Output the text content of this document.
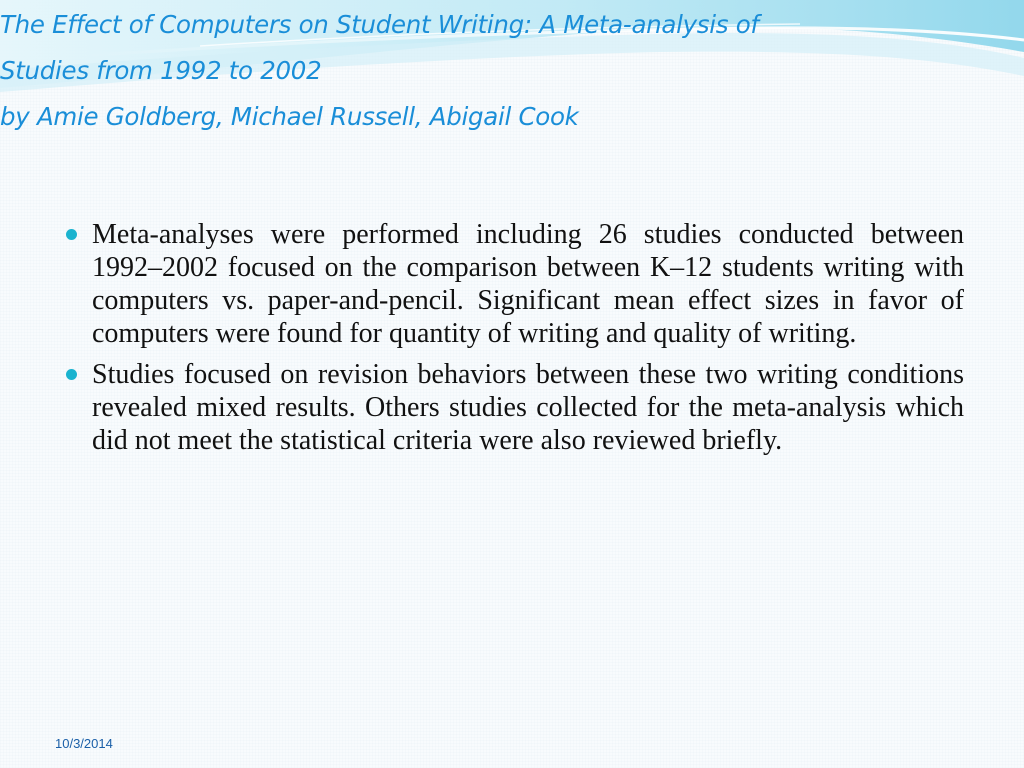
The Effect of Computers on Student Writing: A Meta-analysis of
Studies from 1992 to 2002
by Amie Goldberg, Michael Russell, Abigail Cook

Meta-analyses were performed including 26 studies conducted between 1992–2002 focused on the comparison between K–12 students writing with computers vs. paper-and-pencil. Significant mean effect sizes in favor of computers were found for quantity of writing and quality of writing.

Studies focused on revision behaviors between these two writing conditions revealed mixed results. Others studies collected for the meta-analysis which did not meet the statistical criteria were also reviewed briefly.

10/3/2014
